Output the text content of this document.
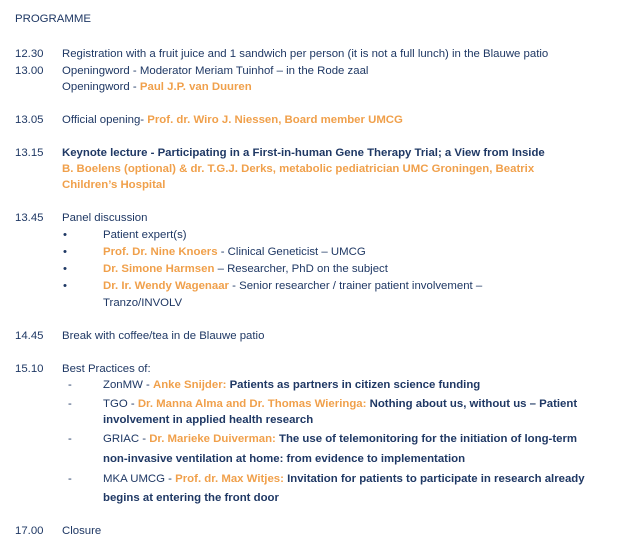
PROGRAMME
12.30 Registration with a fruit juice and 1 sandwich per person (it is not a full lunch) in the Blauwe patio
13.00 Openingword - Moderator Meriam Tuinhof – in the Rode zaal
Openingword - Paul J.P. van Duuren
13.05 Official opening- Prof. dr. Wiro J. Niessen, Board member UMCG
13.15 Keynote lecture - Participating in a First-in-human Gene Therapy Trial; a View from Inside
B. Boelens (optional) & dr. T.G.J. Derks, metabolic pediatrician UMC Groningen, Beatrix
Children’s Hospital
13.45 Panel discussion
•	Patient expert(s)
•	Prof. Dr. Nine Knoers - Clinical Geneticist – UMCG
•	Dr. Simone Harmsen – Researcher, PhD on the subject
•	Dr. Ir. Wendy Wagenaar - Senior researcher / trainer patient involvement –
Tranzo/INVOLV
14.45 Break with coffee/tea in de Blauwe patio
15.10 Best Practices of:
-	ZonMW - Anke Snijder: Patients as partners in citizen science funding
-	TGO - Dr. Manna Alma and Dr. Thomas Wieringa: Nothing about us, without us – Patient
involvement in applied health research
-	GRIAC - Dr. Marieke Duiverman: The use of telemonitoring for the initiation of long-term
non-invasive ventilation at home: from evidence to implementation
-	MKA UMCG - Prof. dr. Max Witjes: Invitation for patients to participate in research already
begins at entering the front door
17.00 Closure
